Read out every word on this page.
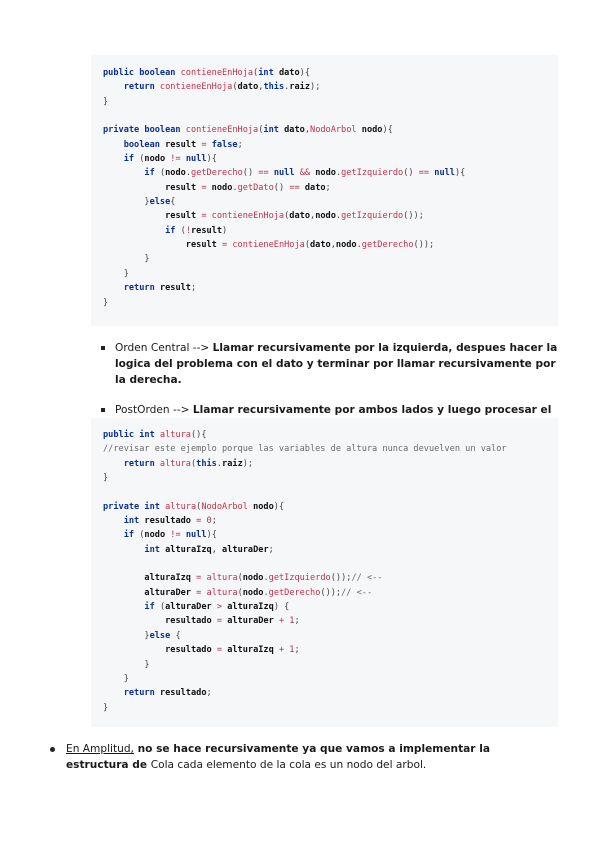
public boolean contieneEnHoja(int dato){
return contieneEnHoja(dato,this.raiz);
}
private boolean contieneEnHoja(int dato,NodoArbol nodo){
boolean result = false;
if (nodo != null){
if (nodo.getDerecho() == null && nodo.getIzquierdo() == null){
result = nodo.getDato() == dato;
}else{
result = contieneEnHoja(dato,nodo.getIzquierdo());
if (!result)
result = contieneEnHoja(dato,nodo.getDerecho());
}
}
return result;
}
Orden Central --> Llamar recursivamente por la izquierda, despues hacer la logica del problema con el dato y terminar por llamar recursivamente por la derecha.
PostOrden --> Llamar recursivamente por ambos lados y luego procesar el
public int altura(){
//revisar este ejemplo porque las variables de altura nunca devuelven un valor
return altura(this.raiz);
}
private int altura(NodoArbol nodo){
int resultado = 0;
if (nodo != null){
int alturaIzq, alturaDer;
alturaIzq = altura(nodo.getIzquierdo());// <--
alturaDer = altura(nodo.getDerecho());// <--
if (alturaDer > alturaIzq) {
resultado = alturaDer + 1;
}else {
resultado = alturaIzq + 1;
}
}
return resultado;
}
En Amplitud, no se hace recursivamente ya que vamos a implementar la estructura de Cola cada elemento de la cola es un nodo del arbol.
